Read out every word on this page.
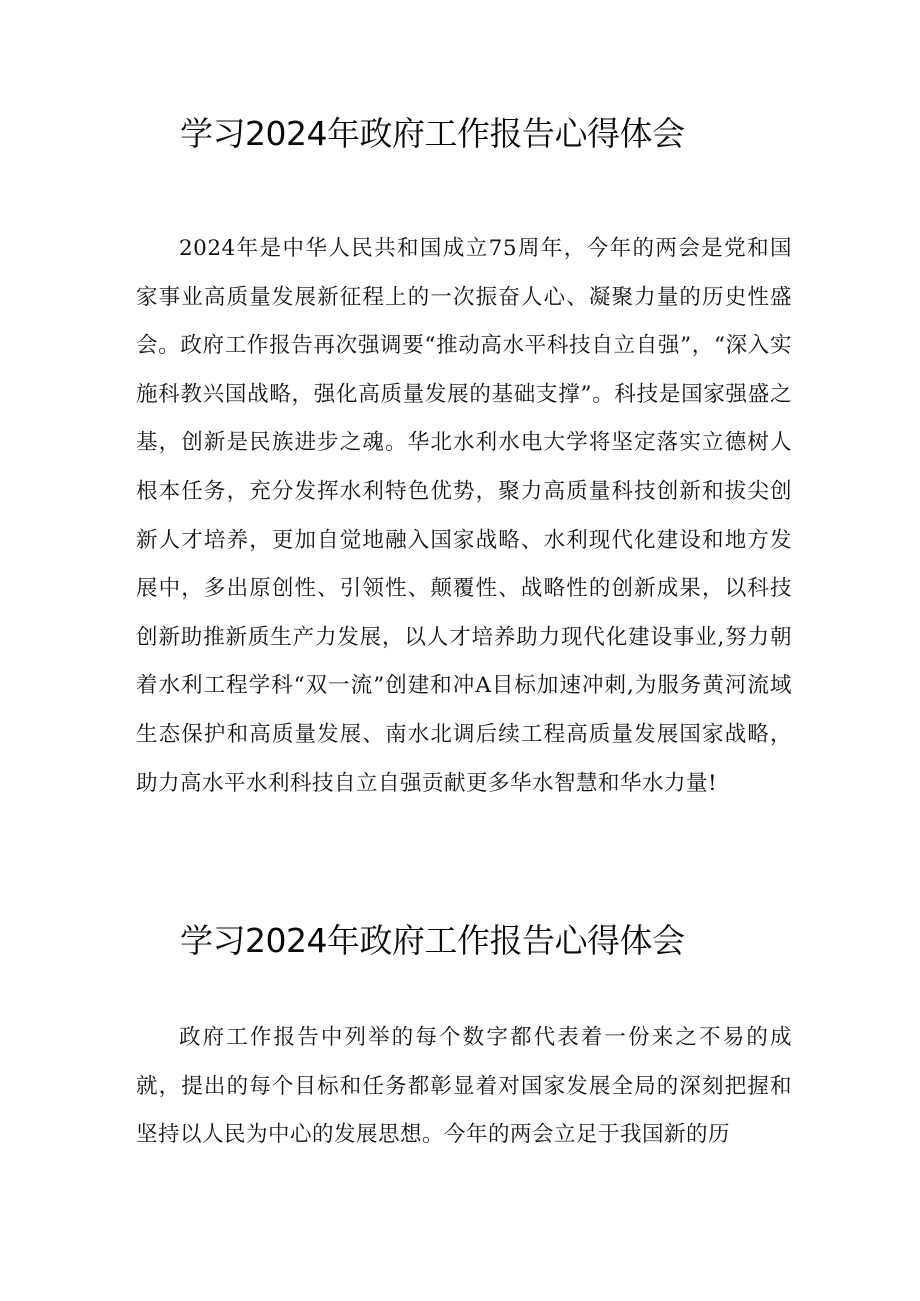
学习2024年政府工作报告心得体会

2024年是中华人民共和国成立75周年，今年的两会是党和国家事业高质量发展新征程上的一次振奋人心、凝聚力量的历史性盛会。政府工作报告再次强调要“推动高水平科技自立自强”，“深入实施科教兴国战略，强化高质量发展的基础支撑”。科技是国家强盛之基，创新是民族进步之魂。华北水利水电大学将坚定落实立德树人根本任务，充分发挥水利特色优势，聚力高质量科技创新和拔尖创新人才培养，更加自觉地融入国家战略、水利现代化建设和地方发展中，多出原创性、引领性、颠覆性、战略性的创新成果，以科技创新助推新质生产力发展，以人才培养助力现代化建设事业,努力朝着水利工程学科“双一流”创建和冲A目标加速冲刺,为服务黄河流域生态保护和高质量发展、南水北调后续工程高质量发展国家战略，助力高水平水利科技自立自强贡献更多华水智慧和华水力量!

学习2024年政府工作报告心得体会

政府工作报告中列举的每个数字都代表着一份来之不易的成就，提出的每个目标和任务都彰显着对国家发展全局的深刻把握和坚持以人民为中心的发展思想。今年的两会立足于我国新的历
